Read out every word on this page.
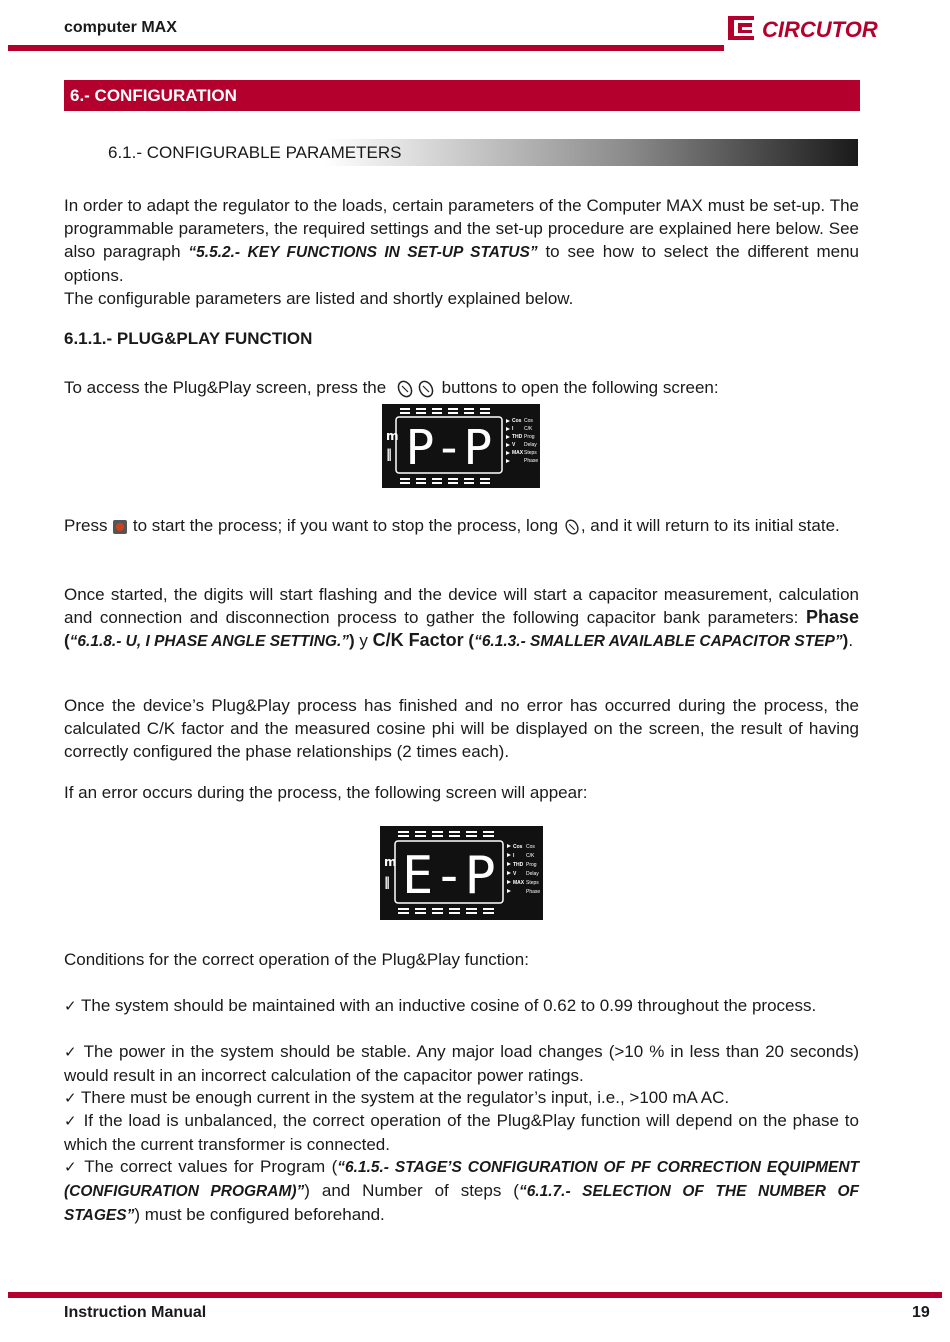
computer MAX	CIRCUTOR
6.- CONFIGURATION
6.1.- CONFIGURABLE PARAMETERS

In order to adapt the regulator to the loads, certain parameters of the Computer MAX must be set-up. The programmable parameters, the required settings and the set-up procedure are explained here below. See also paragraph “5.5.2.- KEY FUNCTIONS IN SET-UP STATUS” to see how to select the different menu options.

The configurable parameters are listed and shortly explained below.

6.1.1.- PLUG&PLAY FUNCTION

To access the Plug&Play screen, press the	buttons to open the following screen:

m
‖ P-P	Cos Cos
I C/K
THD Prog
V Delay
MAX Steps
Phase

Press  to start the process; if you want to stop the process, long , and it will return to its initial state.

Once started, the digits will start flashing and the device will start a capacitor measurement, calculation and connection and disconnection process to gather the following capacitor bank parameters: Phase (“6.1.8.- U, I PHASE ANGLE SETTING.”) y C/K Factor (“6.1.3.- SMALLER AVAILABLE CAPACITOR STEP”).

Once the device’s Plug&Play process has finished and no error has occurred during the process, the calculated C/K factor and the measured cosine phi will be displayed on the screen, the result of having correctly configured the phase relationships (2 times each).

If an error occurs during the process, the following screen will appear:

m
‖ E-P	Cos Cos
I C/K
THD Prog
V Delay
MAX Steps
Phase

Conditions for the correct operation of the Plug&Play function:

✓ The system should be maintained with an inductive cosine of 0.62 to 0.99 throughout the process.

✓ The power in the system should be stable. Any major load changes (>10 % in less than 20 seconds) would result in an incorrect calculation of the capacitor power ratings.

✓ There must be enough current in the system at the regulator’s input, i.e., >100 mA AC.

✓ If the load is unbalanced, the correct operation of the Plug&Play function will depend on the phase to which the current transformer is connected.

✓ The correct values for Program (“6.1.5.- STAGE’S CONFIGURATION OF PF CORRECTION EQUIPMENT (CONFIGURATION PROGRAM)”) and Number of steps (“6.1.7.- SELECTION OF THE NUMBER OF STAGES”) must be configured beforehand.

Instruction Manual	19
